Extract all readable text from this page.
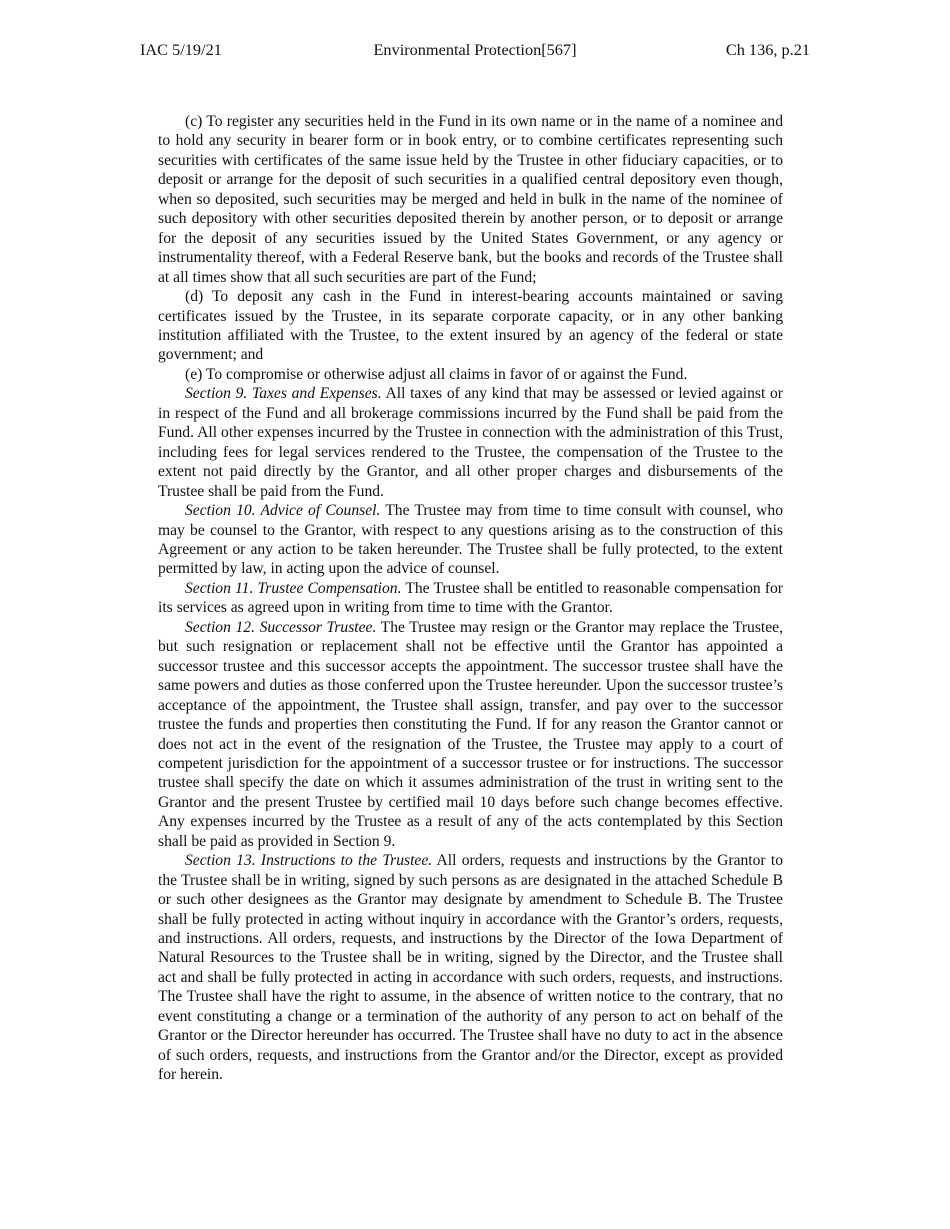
IAC 5/19/21	Environmental Protection[567]	Ch 136, p.21

(c) To register any securities held in the Fund in its own name or in the name of a nominee and to hold any security in bearer form or in book entry, or to combine certificates representing such securities with certificates of the same issue held by the Trustee in other fiduciary capacities, or to deposit or arrange for the deposit of such securities in a qualified central depository even though, when so deposited, such securities may be merged and held in bulk in the name of the nominee of such depository with other securities deposited therein by another person, or to deposit or arrange for the deposit of any securities issued by the United States Government, or any agency or instrumentality thereof, with a Federal Reserve bank, but the books and records of the Trustee shall at all times show that all such securities are part of the Fund;

(d) To deposit any cash in the Fund in interest-bearing accounts maintained or saving certificates issued by the Trustee, in its separate corporate capacity, or in any other banking institution affiliated with the Trustee, to the extent insured by an agency of the federal or state government; and

(e) To compromise or otherwise adjust all claims in favor of or against the Fund.

Section 9. Taxes and Expenses. All taxes of any kind that may be assessed or levied against or in respect of the Fund and all brokerage commissions incurred by the Fund shall be paid from the Fund. All other expenses incurred by the Trustee in connection with the administration of this Trust, including fees for legal services rendered to the Trustee, the compensation of the Trustee to the extent not paid directly by the Grantor, and all other proper charges and disbursements of the Trustee shall be paid from the Fund.

Section 10. Advice of Counsel. The Trustee may from time to time consult with counsel, who may be counsel to the Grantor, with respect to any questions arising as to the construction of this Agreement or any action to be taken hereunder. The Trustee shall be fully protected, to the extent permitted by law, in acting upon the advice of counsel.

Section 11. Trustee Compensation. The Trustee shall be entitled to reasonable compensation for its services as agreed upon in writing from time to time with the Grantor.

Section 12. Successor Trustee. The Trustee may resign or the Grantor may replace the Trustee, but such resignation or replacement shall not be effective until the Grantor has appointed a successor trustee and this successor accepts the appointment. The successor trustee shall have the same powers and duties as those conferred upon the Trustee hereunder. Upon the successor trustee’s acceptance of the appointment, the Trustee shall assign, transfer, and pay over to the successor trustee the funds and properties then constituting the Fund. If for any reason the Grantor cannot or does not act in the event of the resignation of the Trustee, the Trustee may apply to a court of competent jurisdiction for the appointment of a successor trustee or for instructions. The successor trustee shall specify the date on which it assumes administration of the trust in writing sent to the Grantor and the present Trustee by certified mail 10 days before such change becomes effective. Any expenses incurred by the Trustee as a result of any of the acts contemplated by this Section shall be paid as provided in Section 9.

Section 13. Instructions to the Trustee. All orders, requests and instructions by the Grantor to the Trustee shall be in writing, signed by such persons as are designated in the attached Schedule B or such other designees as the Grantor may designate by amendment to Schedule B. The Trustee shall be fully protected in acting without inquiry in accordance with the Grantor’s orders, requests, and instructions. All orders, requests, and instructions by the Director of the Iowa Department of Natural Resources to the Trustee shall be in writing, signed by the Director, and the Trustee shall act and shall be fully protected in acting in accordance with such orders, requests, and instructions. The Trustee shall have the right to assume, in the absence of written notice to the contrary, that no event constituting a change or a termination of the authority of any person to act on behalf of the Grantor or the Director hereunder has occurred. The Trustee shall have no duty to act in the absence of such orders, requests, and instructions from the Grantor and/or the Director, except as provided for herein.
